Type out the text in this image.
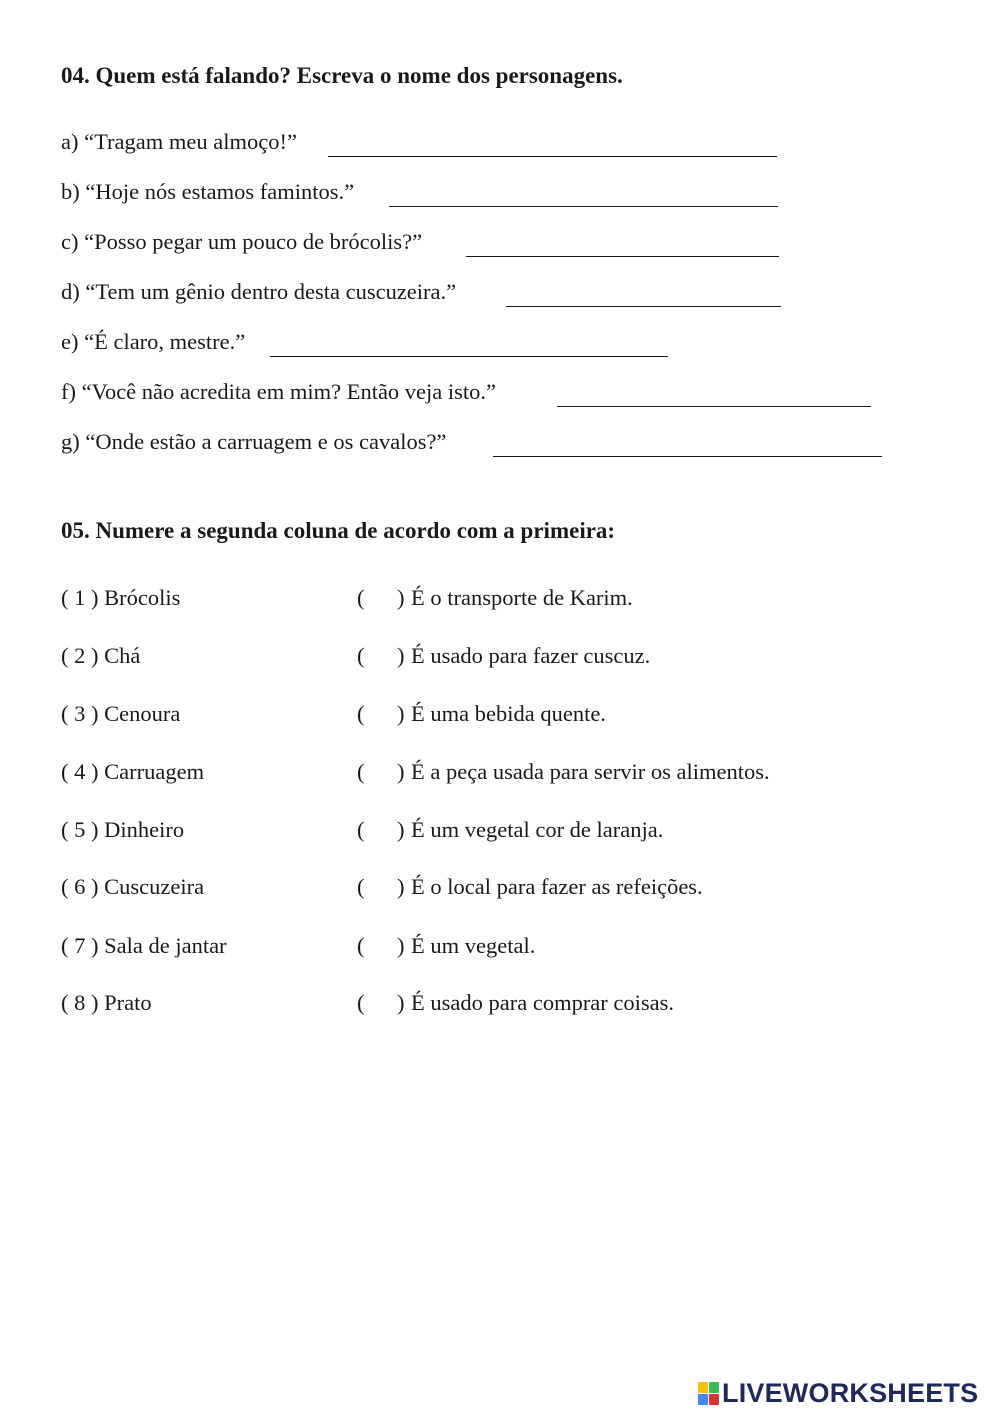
04. Quem está falando? Escreva o nome dos personagens.
a) “Tragam meu almoço!”
b) “Hoje nós estamos famintos.”
c) “Posso pegar um pouco de brócolis?”
d) “Tem um gênio dentro desta cuscuzeira.”
e) “É claro, mestre.”
f) “Você não acredita em mim? Então veja isto.”
g) “Onde estão a carruagem e os cavalos?”
05. Numere a segunda coluna de acordo com a primeira:
( 1 ) Brócolis	( ) É o transporte de Karim.
( 2 ) Chá	( ) É usado para fazer cuscuz.
( 3 ) Cenoura	( ) É uma bebida quente.
( 4 ) Carruagem	( ) É a peça usada para servir os alimentos.
( 5 ) Dinheiro	( ) É um vegetal cor de laranja.
( 6 ) Cuscuzeira	( ) É o local para fazer as refeições.
( 7 ) Sala de jantar	( ) É um vegetal.
( 8 ) Prato	( ) É usado para comprar coisas.
LIVEWORKSHEETS
